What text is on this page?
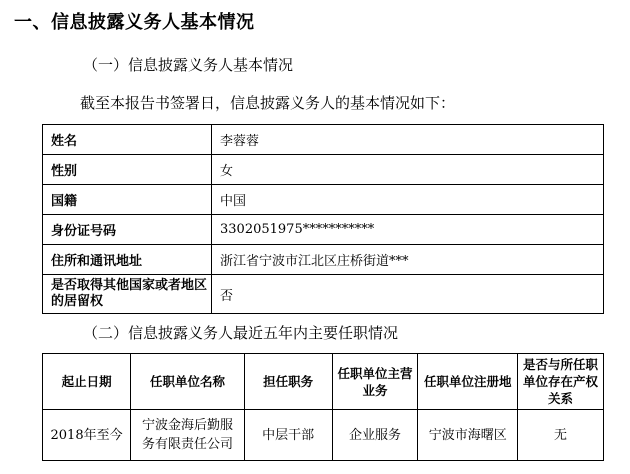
一、信息披露义务人基本情况
（一）信息披露义务人基本情况
截至本报告书签署日，信息披露义务人的基本情况如下：
姓名	李蓉蓉
性别	女
国籍	中国
身份证号码	3302051975***********
住所和通讯地址	浙江省宁波市江北区庄桥街道***
是否取得其他国家或者地区的居留权	否
（二）信息披露义务人最近五年内主要任职情况
起止日期	任职单位名称	担任职务	任职单位主营业务	任职单位注册地	是否与所任职单位存在产权关系
2018年至今	宁波金海后勤服务有限责任公司	中层干部	企业服务	宁波市海曙区	无
